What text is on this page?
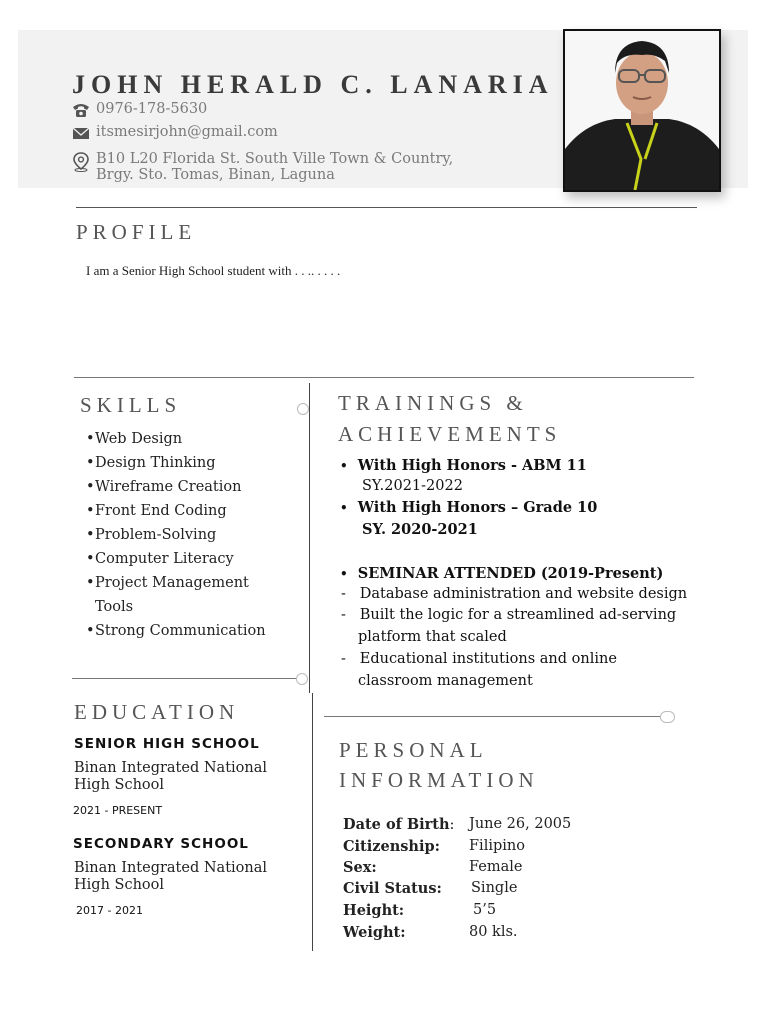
JOHN HERALD C. LANARIA
0976-178-5630
itsmesirjohn@gmail.com
B10 L20 Florida St. South Ville Town & Country,
Brgy. Sto. Tomas, Binan, Laguna
PROFILE
I am a Senior High School student with . . .. . . . .
SKILLS
• Web Design
• Design Thinking
• Wireframe Creation
• Front End Coding
• Problem-Solving
• Computer Literacy
• Project Management Tools
• Strong Communication
EDUCATION
SENIOR HIGH SCHOOL
Binan Integrated National
High School
2021 - PRESENT
SECONDARY SCHOOL
Binan Integrated National
High School
2017 - 2021
TRAININGS &
ACHIEVEMENTS
• With High Honors - ABM 11
SY.2021-2022
• With High Honors – Grade 10
SY. 2020-2021
• SEMINAR ATTENDED (2019-Present)
-   Database administration and website design
-   Built the logic for a streamlined ad-serving
platform that scaled
-   Educational institutions and online
classroom management
PERSONAL
INFORMATION
Date of Birth:	June 26, 2005
Citizenship:	Filipino
Sex:	Female
Civil Status:	Single
Height:	5’5
Weight:	80 kls.
